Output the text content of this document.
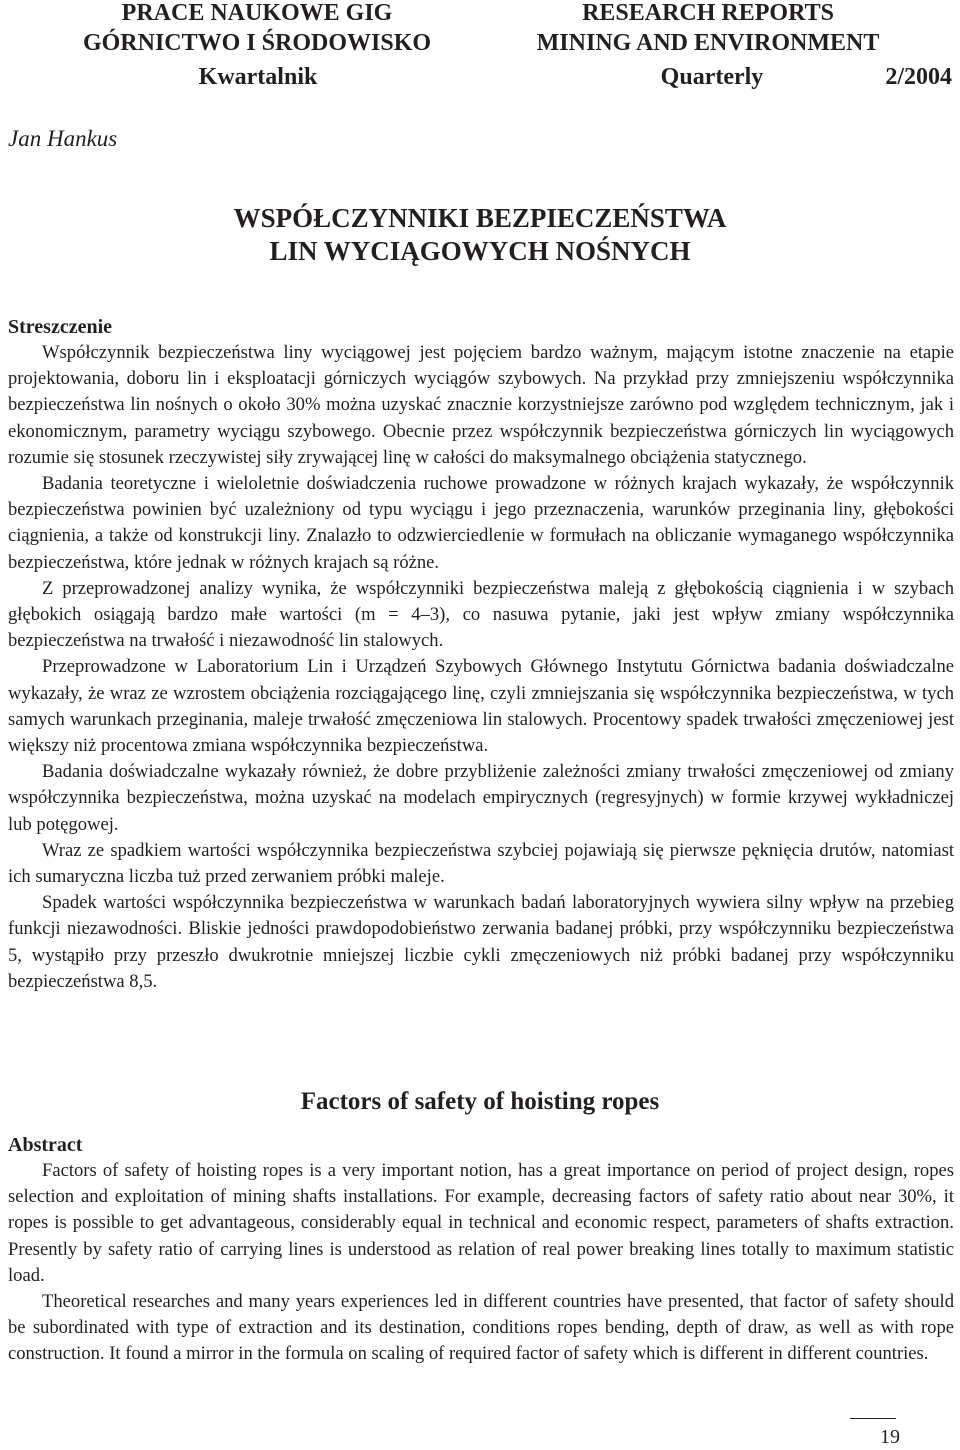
PRACE NAUKOWE GIG	RESEARCH REPORTS
GÓRNICTWO I ŚRODOWISKO	MINING AND ENVIRONMENT
Kwartalnik	Quarterly	2/2004
Jan Hankus
WSPÓŁCZYNNIKI BEZPIECZEŃSTWA
LIN WYCIĄGOWYCH NOŚNYCH
Streszczenie

Współczynnik bezpieczeństwa liny wyciągowej jest pojęciem bardzo ważnym, mającym istotne znaczenie na etapie projektowania, doboru lin i eksploatacji górniczych wyciągów szybowych. Na przykład przy zmniejszeniu współczynnika bezpieczeństwa lin nośnych o około 30% można uzyskać znacznie korzystniejsze zarówno pod względem technicznym, jak i ekonomicznym, parametry wyciągu szybowego. Obecnie przez współczynnik bezpieczeństwa górniczych lin wyciągowych rozumie się stosunek rzeczywistej siły zrywającej linę w całości do maksymalnego obciążenia statycznego.

Badania teoretyczne i wieloletnie doświadczenia ruchowe prowadzone w różnych krajach wykazały, że współczynnik bezpieczeństwa powinien być uzależniony od typu wyciągu i jego przeznaczenia, warunków przeginania liny, głębokości ciągnienia, a także od konstrukcji liny. Znalazło to odzwierciedlenie w formułach na obliczanie wymaganego współczynnika bezpieczeństwa, które jednak w różnych krajach są różne.

Z przeprowadzonej analizy wynika, że współczynniki bezpieczeństwa maleją z głębokością ciągnienia i w szybach głębokich osiągają bardzo małe wartości (m = 4–3), co nasuwa pytanie, jaki jest wpływ zmiany współczynnika bezpieczeństwa na trwałość i niezawodność lin stalowych.

Przeprowadzone w Laboratorium Lin i Urządzeń Szybowych Głównego Instytutu Górnictwa badania doświadczalne wykazały, że wraz ze wzrostem obciążenia rozciągającego linę, czyli zmniejszania się współczynnika bezpieczeństwa, w tych samych warunkach przeginania, maleje trwałość zmęczeniowa lin stalowych. Procentowy spadek trwałości zmęczeniowej jest większy niż procentowa zmiana współczynnika bezpieczeństwa.

Badania doświadczalne wykazały również, że dobre przybliżenie zależności zmiany trwałości zmęczeniowej od zmiany współczynnika bezpieczeństwa, można uzyskać na modelach empirycznych (regresyjnych) w formie krzywej wykładniczej lub potęgowej.

Wraz ze spadkiem wartości współczynnika bezpieczeństwa szybciej pojawiają się pierwsze pęknięcia drutów, natomiast ich sumaryczna liczba tuż przed zerwaniem próbki maleje.

Spadek wartości współczynnika bezpieczeństwa w warunkach badań laboratoryjnych wywiera silny wpływ na przebieg funkcji niezawodności. Bliskie jedności prawdopodobieństwo zerwania badanej próbki, przy współczynniku bezpieczeństwa 5, wystąpiło przy przeszło dwukrotnie mniejszej liczbie cykli zmęczeniowych niż próbki badanej przy współczynniku bezpieczeństwa 8,5.

Factors of safety of hoisting ropes
Abstract

Factors of safety of hoisting ropes is a very important notion, has a great importance on period of project design, ropes selection and exploitation of mining shafts installations. For example, decreasing factors of safety ratio about near 30%, it ropes is possible to get advantageous, considerably equal in technical and economic respect, parameters of shafts extraction. Presently by safety ratio of carrying lines is understood as relation of real power breaking lines totally to maximum statistic load.

Theoretical researches and many years experiences led in different countries have presented, that factor of safety should be subordinated with type of extraction and its destination, conditions ropes bending, depth of draw, as well as with rope construction. It found a mirror in the formula on scaling of required factor of safety which is different in different countries.

19
